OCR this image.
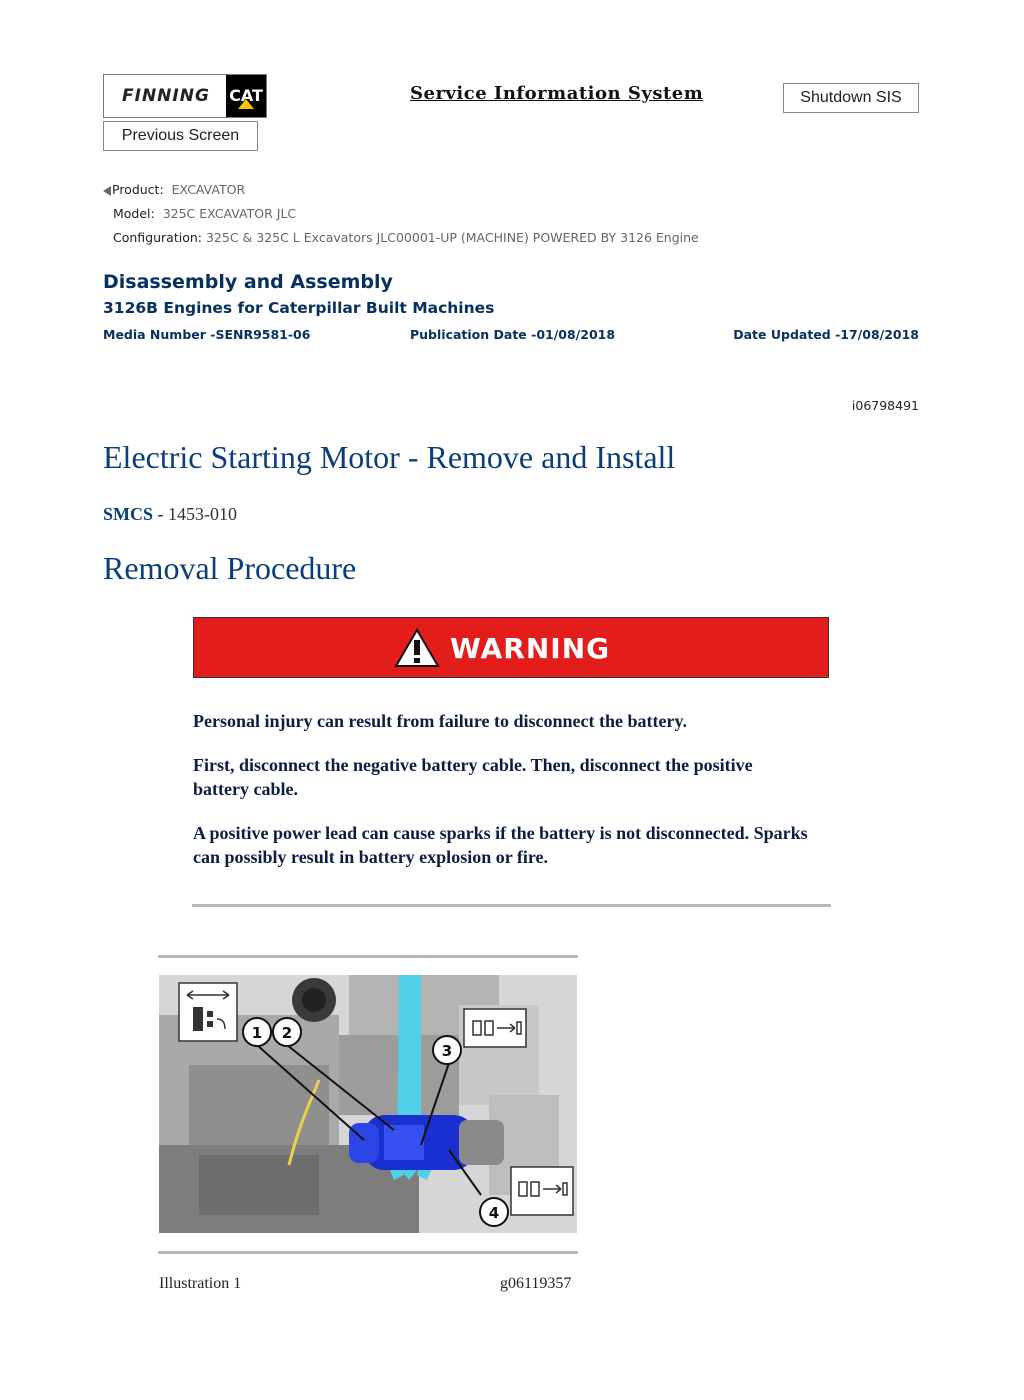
FINNING CAT	Service Information System	Shutdown SIS
Previous Screen
Product: EXCAVATOR
Model: 325C EXCAVATOR JLC
Configuration: 325C & 325C L Excavators JLC00001-UP (MACHINE) POWERED BY 3126 Engine
Disassembly and Assembly
3126B Engines for Caterpillar Built Machines
Media Number -SENR9581-06	Publication Date -01/08/2018	Date Updated -17/08/2018
i06798491
Electric Starting Motor - Remove and Install
SMCS - 1453-010
Removal Procedure
WARNING
Personal injury can result from failure to disconnect the battery.
First, disconnect the negative battery cable. Then, disconnect the positive battery cable.
A positive power lead can cause sparks if the battery is not disconnected. Sparks can possibly result in battery explosion or fire.
1 2
3
4
Illustration 1	g06119357
